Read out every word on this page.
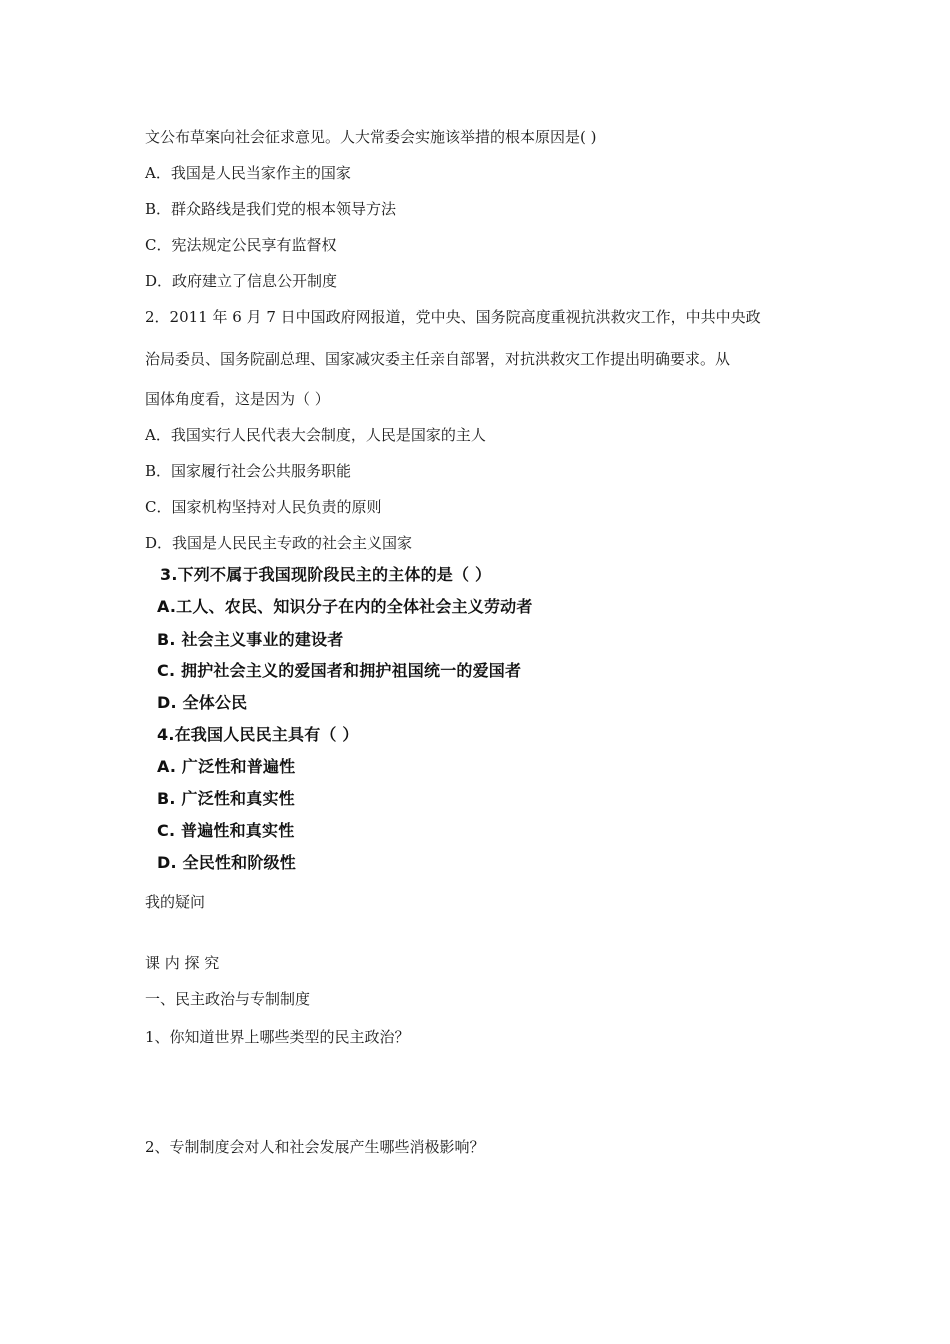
文公布草案向社会征求意见。人大常委会实施该举措的根本原因是( )
A．我国是人民当家作主的国家
B．群众路线是我们党的根本领导方法
C．宪法规定公民享有监督权
D．政府建立了信息公开制度
2．2011 年 6 月 7 日中国政府网报道，党中央、国务院高度重视抗洪救灾工作，中共中央政
治局委员、国务院副总理、国家减灾委主任亲自部署，对抗洪救灾工作提出明确要求。从
国体角度看，这是因为（ ）
A．我国实行人民代表大会制度，人民是国家的主人
B．国家履行社会公共服务职能
C．国家机构坚持对人民负责的原则
D．我国是人民民主专政的社会主义国家
3.下列不属于我国现阶段民主的主体的是（ ）
A.工人、农民、知识分子在内的全体社会主义劳动者
B. 社会主义事业的建设者
C. 拥护社会主义的爱国者和拥护祖国统一的爱国者
D. 全体公民
4.在我国人民民主具有（ ）
A. 广泛性和普遍性
B. 广泛性和真实性
C. 普遍性和真实性
D. 全民性和阶级性
我的疑问
课 内 探 究
一、民主政治与专制制度
1、你知道世界上哪些类型的民主政治？
2、专制制度会对人和社会发展产生哪些消极影响？
